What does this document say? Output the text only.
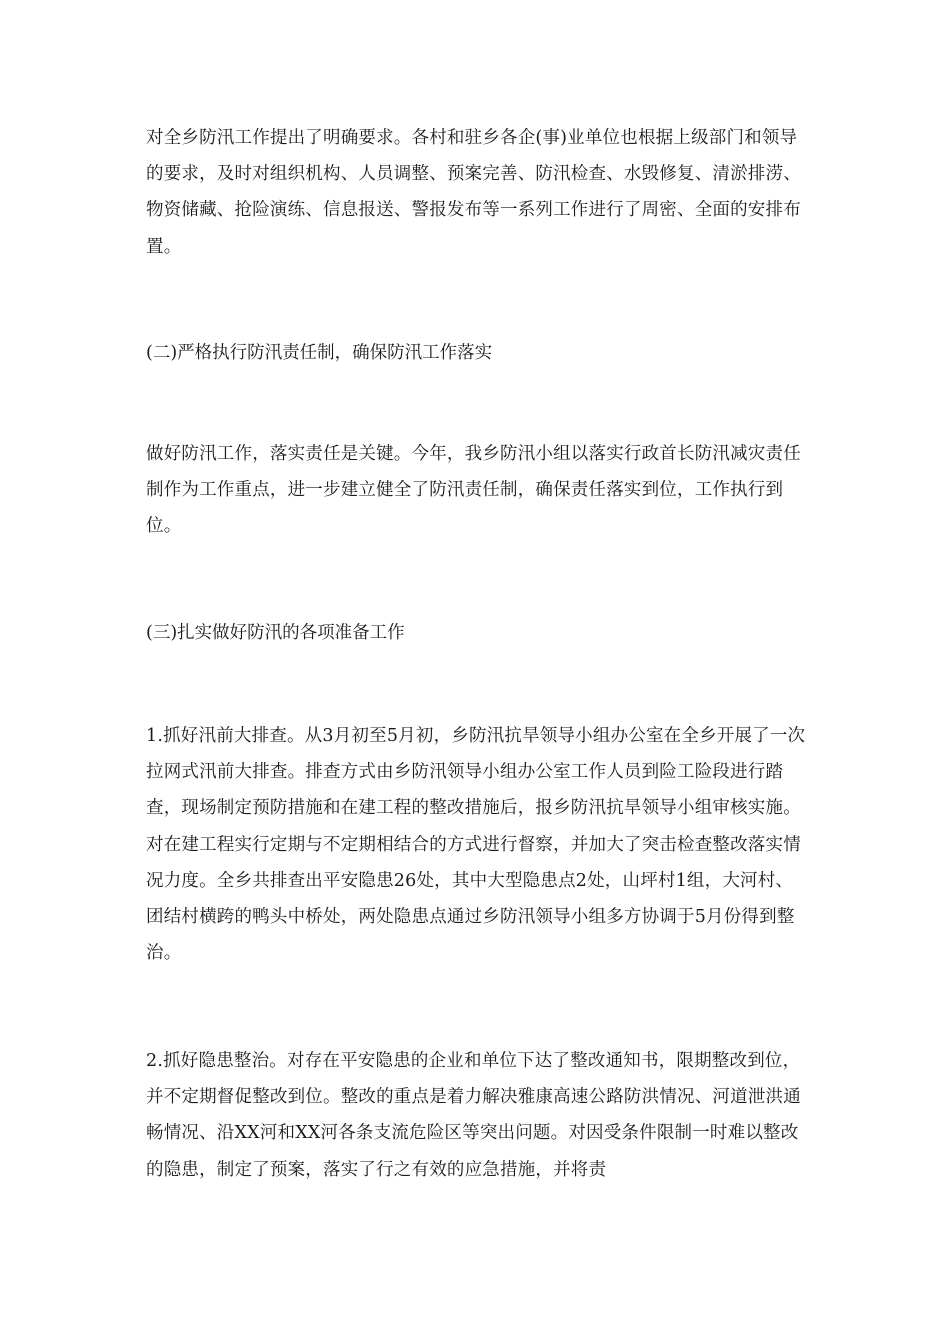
对全乡防汛工作提出了明确要求。各村和驻乡各企(事)业单位也根据上级部门和领导的要求，及时对组织机构、人员调整、预案完善、防汛检查、水毁修复、清淤排涝、物资储藏、抢险演练、信息报送、警报发布等一系列工作进行了周密、全面的安排布置。

(二)严格执行防汛责任制，确保防汛工作落实

做好防汛工作，落实责任是关键。今年，我乡防汛小组以落实行政首长防汛减灾责任制作为工作重点，进一步建立健全了防汛责任制，确保责任落实到位，工作执行到位。

(三)扎实做好防汛的各项准备工作

1.抓好汛前大排查。从3月初至5月初，乡防汛抗旱领导小组办公室在全乡开展了一次拉网式汛前大排查。排查方式由乡防汛领导小组办公室工作人员到险工险段进行踏查，现场制定预防措施和在建工程的整改措施后，报乡防汛抗旱领导小组审核实施。对在建工程实行定期与不定期相结合的方式进行督察，并加大了突击检查整改落实情况力度。全乡共排查出平安隐患26处，其中大型隐患点2处，山坪村1组，大河村、团结村横跨的鸭头中桥处，两处隐患点通过乡防汛领导小组多方协调于5月份得到整治。

2.抓好隐患整治。对存在平安隐患的企业和单位下达了整改通知书，限期整改到位，并不定期督促整改到位。整改的重点是着力解决雅康高速公路防洪情况、河道泄洪通畅情况、沿XX河和XX河各条支流危险区等突出问题。对因受条件限制一时难以整改的隐患，制定了预案，落实了行之有效的应急措施，并将责
